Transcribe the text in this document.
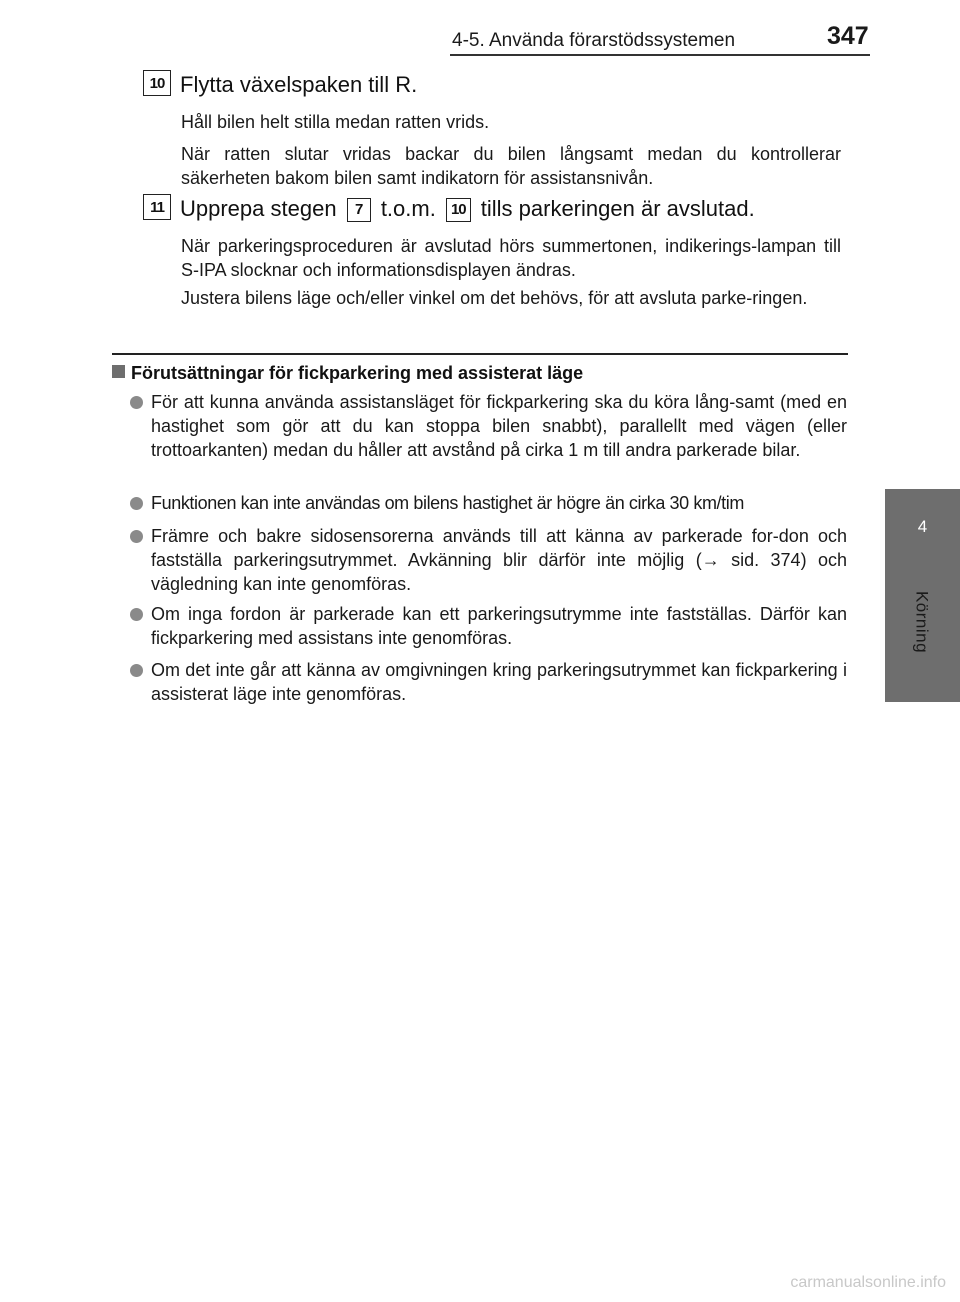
4-5. Använda förarstödssystemen	347
4
Körning
10 Flytta växelspaken till R.
Håll bilen helt stilla medan ratten vrids.
När ratten slutar vridas backar du bilen långsamt medan du kontrollerar säkerheten bakom bilen samt indikatorn för assistansnivån.
11 Upprepa stegen 7 t.o.m. 10 tills parkeringen är avslutad.
När parkeringsproceduren är avslutad hörs summertonen, indikerings-lampan till S-IPA slocknar och informationsdisplayen ändras.
Justera bilens läge och/eller vinkel om det behövs, för att avsluta parke-ringen.
Förutsättningar för fickparkering med assisterat läge
För att kunna använda assistansläget för fickparkering ska du köra lång-samt (med en hastighet som gör att du kan stoppa bilen snabbt), parallellt med vägen (eller trottoarkanten) medan du håller att avstånd på cirka 1 m till andra parkerade bilar.
Funktionen kan inte användas om bilens hastighet är högre än cirka 30 km/tim
Främre och bakre sidosensorerna används till att känna av parkerade for-don och fastställa parkeringsutrymmet. Avkänning blir därför inte möjlig (→ sid. 374) och vägledning kan inte genomföras.
Om inga fordon är parkerade kan ett parkeringsutrymme inte fastställas. Därför kan fickparkering med assistans inte genomföras.
Om det inte går att känna av omgivningen kring parkeringsutrymmet kan fickparkering i assisterat läge inte genomföras.
carmanualsonline.info
